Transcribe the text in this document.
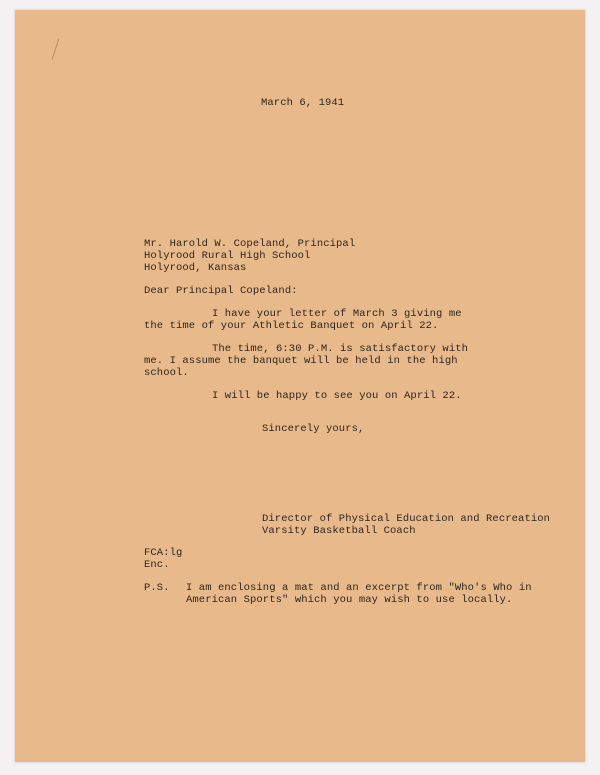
March 6, 1941
Mr. Harold W. Copeland, Principal
Holyrood Rural High School
Holyrood, Kansas
Dear Principal Copeland:
I have your letter of March 3 giving me
the time of your Athletic Banquet on April 22.
The time, 6:30 P.M. is satisfactory with
me. I assume the banquet will be held in the high
school.
I will be happy to see you on April 22.
Sincerely yours,
Director of Physical Education and Recreation
Varsity Basketball Coach
FCA:lg
Enc.
P.S. I am enclosing a mat and an excerpt from "Who's Who in
American Sports" which you may wish to use locally.
